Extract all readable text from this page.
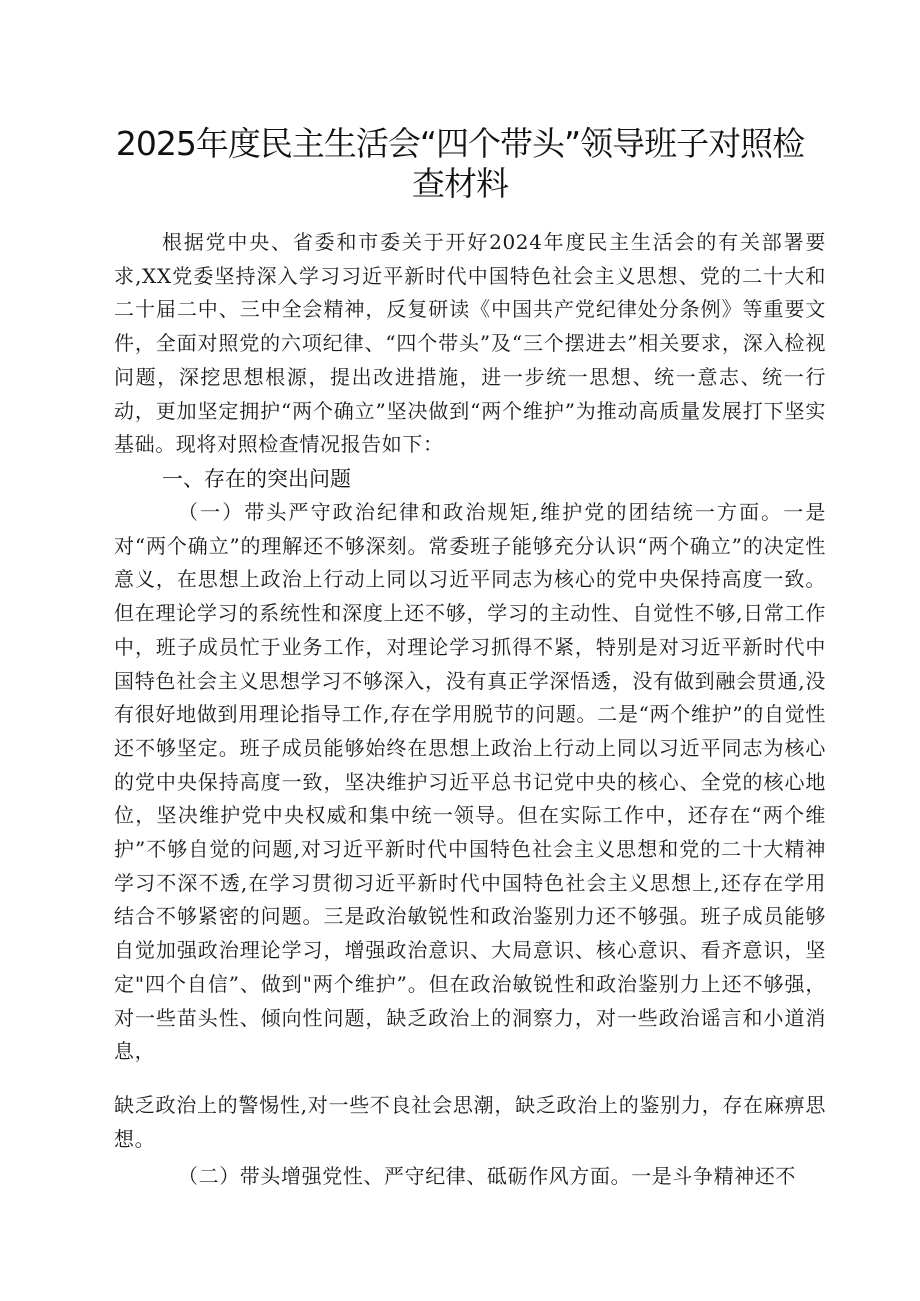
2025年度民主生活会“四个带头”领导班子对照检查材料

根据党中央、省委和市委关于开好2024年度民主生活会的有关部署要求,XX党委坚持深入学习习近平新时代中国特色社会主义思想、党的二十大和二十届二中、三中全会精神，反复研读《中国共产党纪律处分条例》等重要文件，全面对照党的六项纪律、“四个带头”及“三个摆进去”相关要求，深入检视问题，深挖思想根源，提出改进措施，进一步统一思想、统一意志、统一行动，更加坚定拥护“两个确立”坚决做到“两个维护”为推动高质量发展打下坚实基础。现将对照检查情况报告如下：

一、存在的突出问题

（一）带头严守政治纪律和政治规矩,维护党的团结统一方面。一是对“两个确立”的理解还不够深刻。常委班子能够充分认识“两个确立”的决定性意义，在思想上政治上行动上同以习近平同志为核心的党中央保持高度一致。但在理论学习的系统性和深度上还不够，学习的主动性、自觉性不够,日常工作中，班子成员忙于业务工作，对理论学习抓得不紧，特别是对习近平新时代中国特色社会主义思想学习不够深入，没有真正学深悟透，没有做到融会贯通,没有很好地做到用理论指导工作,存在学用脱节的问题。二是“两个维护”的自觉性还不够坚定。班子成员能够始终在思想上政治上行动上同以习近平同志为核心的党中央保持高度一致，坚决维护习近平总书记党中央的核心、全党的核心地位，坚决维护党中央权威和集中统一领导。但在实际工作中，还存在“两个维护”不够自觉的问题,对习近平新时代中国特色社会主义思想和党的二十大精神学习不深不透,在学习贯彻习近平新时代中国特色社会主义思想上,还存在学用结合不够紧密的问题。三是政治敏锐性和政治鉴别力还不够强。班子成员能够自觉加强政治理论学习，增强政治意识、大局意识、核心意识、看齐意识，坚定"四个自信”、做到"两个维护”。但在政治敏锐性和政治鉴别力上还不够强，对一些苗头性、倾向性问题，缺乏政治上的洞察力，对一些政治谣言和小道消息，

缺乏政治上的警惕性,对一些不良社会思潮，缺乏政治上的鉴别力，存在麻痹思想。

（二）带头增强党性、严守纪律、砥砺作风方面。一是斗争精神还不
